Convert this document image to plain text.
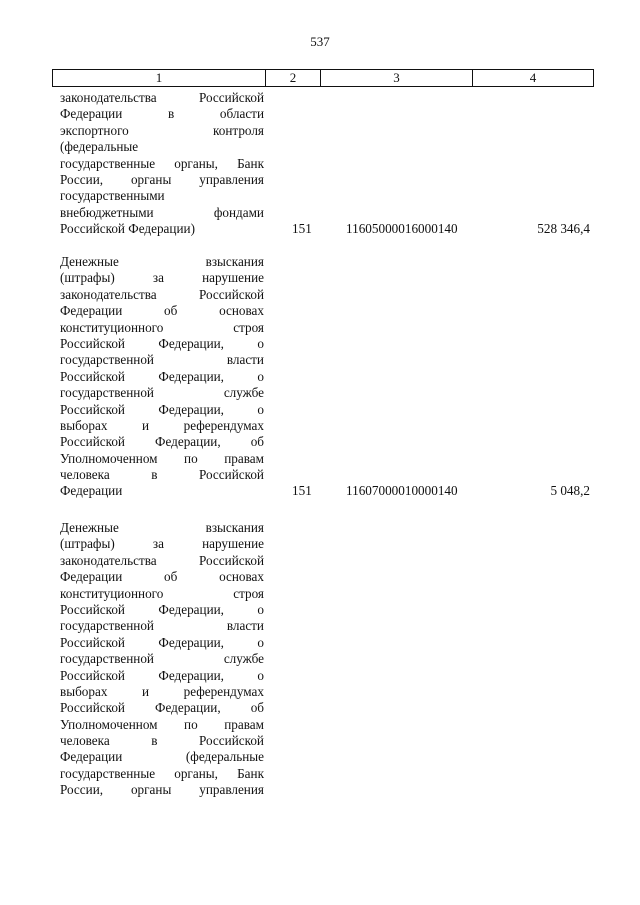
537
1	2	3	4
законодательства Российской
Федерации в области
экспортного контроля
(федеральные
государственные органы, Банк
России, органы управления
государственными
внебюджетными фондами
Российской Федерации)	151	11605000016000140	528 346,4
Денежные взыскания
(штрафы) за нарушение
законодательства Российской
Федерации об основах
конституционного строя
Российской Федерации, о
государственной власти
Российской Федерации, о
государственной службе
Российской Федерации, о
выборах и референдумах
Российской Федерации, об
Уполномоченном по правам
человека в Российской
Федерации	151	11607000010000140	5 048,2
Денежные взыскания
(штрафы) за нарушение
законодательства Российской
Федерации об основах
конституционного строя
Российской Федерации, о
государственной власти
Российской Федерации, о
государственной службе
Российской Федерации, о
выборах и референдумах
Российской Федерации, об
Уполномоченном по правам
человека в Российской
Федерации (федеральные
государственные органы, Банк
России, органы управления
